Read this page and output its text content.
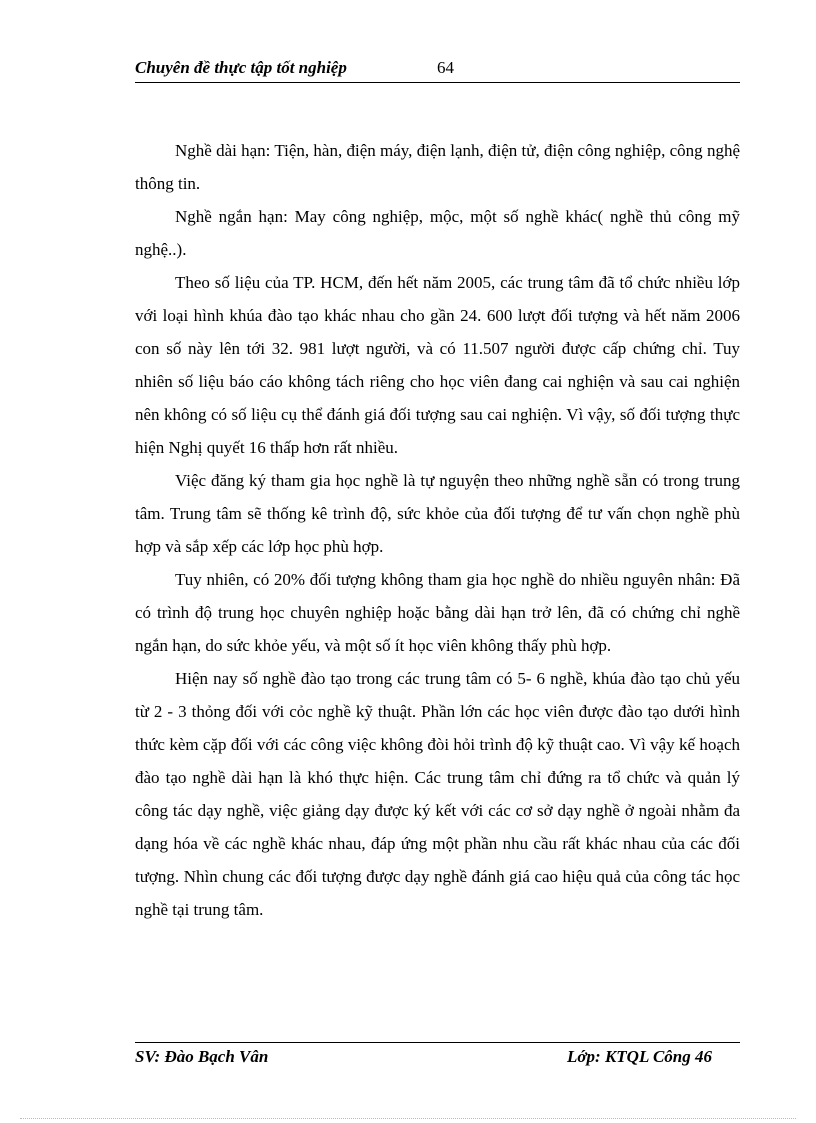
Chuyên đề thực tập tốt nghiệp	64

Nghề dài hạn: Tiện, hàn, điện máy, điện lạnh, điện tử, điện công nghiệp, công nghệ thông tin.

Nghề ngắn hạn: May công nghiệp, mộc, một số nghề khác( nghề thủ công mỹ nghệ..).

Theo số liệu của TP. HCM, đến hết năm 2005, các trung tâm đã tổ chức nhiều lớp với loại hình khúa đào tạo khác nhau cho gần 24. 600 lượt đối tượng và hết năm 2006 con số này lên tới 32. 981 lượt người, và có 11.507 người được cấp chứng chỉ. Tuy nhiên số liệu báo cáo không tách riêng cho học viên đang cai nghiện và sau cai nghiện nên không có số liệu cụ thể đánh giá đối tượng sau cai nghiện. Vì vậy, số đối tượng thực hiện Nghị quyết 16 thấp hơn rất nhiều.

Việc đăng ký tham gia học nghề là tự nguyện theo những nghề sẵn có trong trung tâm. Trung tâm sẽ thống kê trình độ, sức khỏe của đối tượng để tư vấn chọn nghề phù hợp và sắp xếp các lớp học phù hợp.

Tuy nhiên, có 20% đối tượng không tham gia học nghề do nhiều nguyên nhân: Đã có trình độ trung học chuyên nghiệp hoặc bằng dài hạn trở lên, đã có chứng chỉ nghề ngắn hạn, do sức khỏe yếu, và một số ít học viên không thấy phù hợp.

Hiện nay số nghề đào tạo trong các trung tâm có 5- 6 nghề, khúa đào tạo chủ yếu từ 2 - 3 thỏng đối với cỏc nghề kỹ thuật. Phần lớn các học viên được đào tạo dưới hình thức kèm cặp đối với các công việc không đòi hỏi trình độ kỹ thuật cao. Vì vậy kế hoạch đào tạo nghề dài hạn là khó thực hiện. Các trung tâm chỉ đứng ra tổ chức và quản lý công tác dạy nghề, việc giảng dạy được ký kết với các cơ sở dạy nghề ở ngoài nhằm đa dạng hóa về các nghề khác nhau, đáp ứng một phần nhu cầu rất khác nhau của các đối tượng. Nhìn chung các đối tượng được dạy nghề đánh giá cao hiệu quả của công tác học nghề tại trung tâm.

SV: Đào Bạch Vân	Lớp: KTQL Công 46
